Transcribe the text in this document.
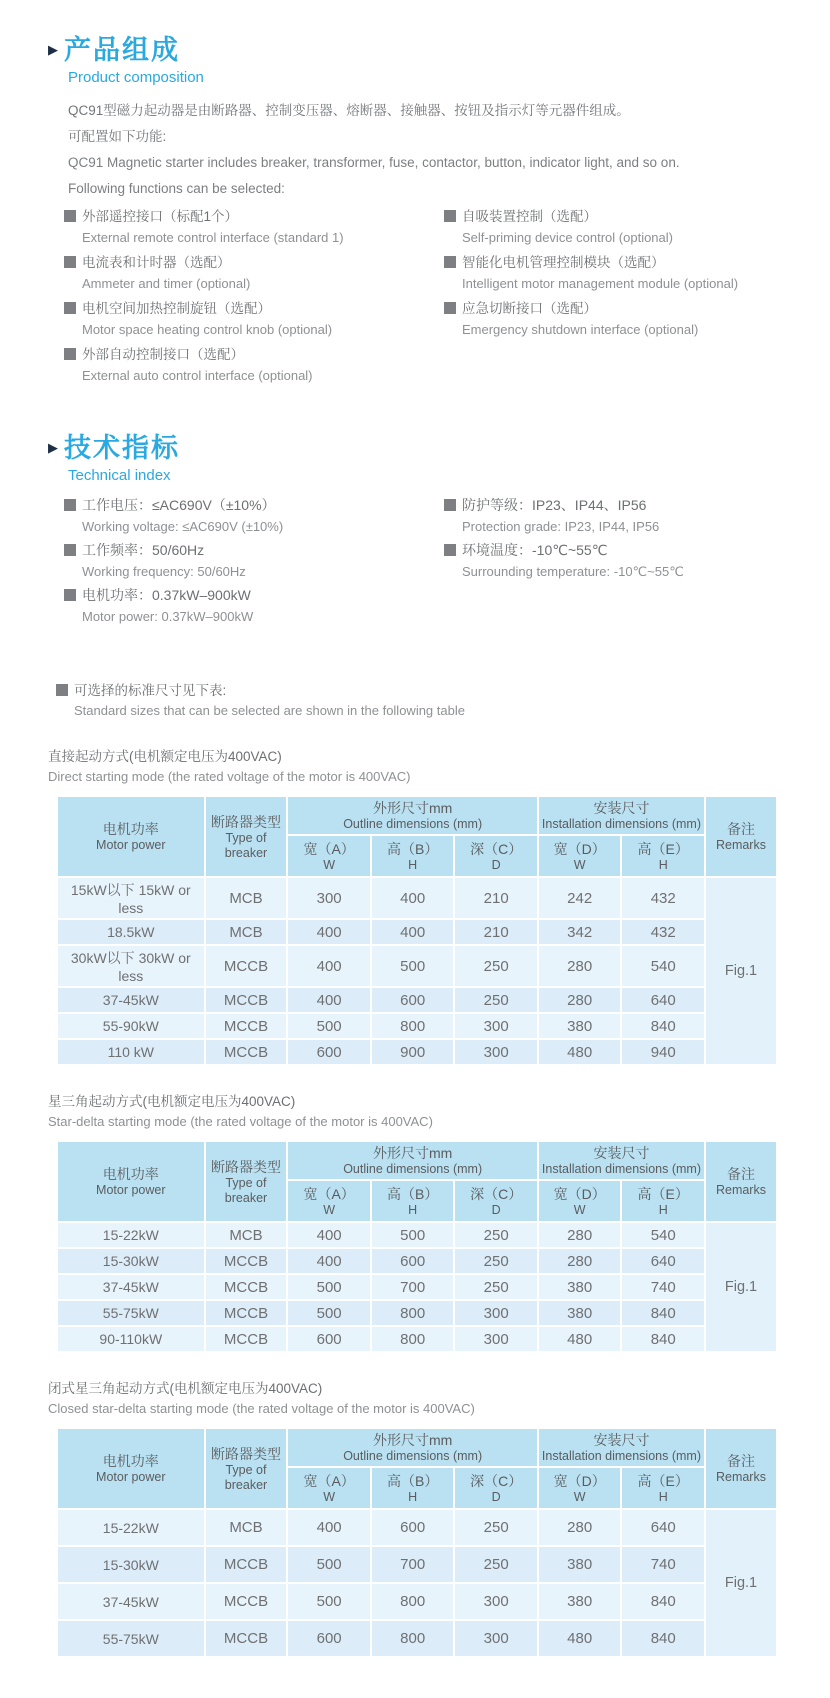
▶ 产品组成
Product composition

QC91型磁力起动器是由断路器、控制变压器、熔断器、接触器、按钮及指示灯等元器件组成。

可配置如下功能:

QC91 Magnetic starter includes breaker, transformer, fuse, contactor, button, indicator light, and so on.

Following functions can be selected:

外部遥控接口（标配1个）
External remote control interface (standard 1)
电流表和计时器（选配）
Ammeter and timer (optional)
电机空间加热控制旋钮（选配）
Motor space heating control knob (optional)
外部自动控制接口（选配）
External auto control interface (optional)
自吸装置控制（选配）
Self-priming device control (optional)
智能化电机管理控制模块（选配）
Intelligent motor management module (optional)
应急切断接口（选配）
Emergency shutdown interface (optional)
▶ 技术指标
Technical index
工作电压：≤AC690V（±10%）
Working voltage: ≤AC690V (±10%)
工作频率：50/60Hz
Working frequency: 50/60Hz
电机功率：0.37kW–900kW
Motor power: 0.37kW–900kW
防护等级：IP23、IP44、IP56
Protection grade: IP23, IP44, IP56
环境温度：-10℃~55℃
Surrounding temperature: -10℃~55℃
可选择的标准尺寸见下表:
Standard sizes that can be selected are shown in the following table
直接起动方式(电机额定电压为400VAC)
Direct starting mode (the rated voltage of the motor is 400VAC)
电机功率
Motor power	断路器类型
Type of breaker	外形尺寸mm
Outline dimensions (mm)			安装尺寸
Installation dimensions (mm)		备注
Remarks

		宽（A）
W	高（B）
H	深（C）
D	宽（D）
W	高（E）
H	

15kW以下 15kW or less	MCB	300	400	210	242	432	Fig.1
18.5kW	MCB	400	400	210	342	432	
30kW以下 30kW or less	MCCB	400	500	250	280	540	
37-45kW	MCCB	400	600	250	280	640	
55-90kW	MCCB	500	800	300	380	840	
110 kW	MCCB	600	900	300	480	940	
星三角起动方式(电机额定电压为400VAC)
Star-delta starting mode (the rated voltage of the motor is 400VAC)
电机功率
Motor power	断路器类型
Type of breaker	外形尺寸mm
Outline dimensions (mm)			安装尺寸
Installation dimensions (mm)		备注
Remarks

		宽（A）
W	高（B）
H	深（C）
D	宽（D）
W	高（E）
H	

15-22kW	MCB	400	500	250	280	540	Fig.1
15-30kW	MCCB	400	600	250	280	640	
37-45kW	MCCB	500	700	250	380	740	
55-75kW	MCCB	500	800	300	380	840	
90-110kW	MCCB	600	800	300	480	840	
闭式星三角起动方式(电机额定电压为400VAC)
Closed star-delta starting mode (the rated voltage of the motor is 400VAC)
电机功率
Motor power	断路器类型
Type of breaker	外形尺寸mm
Outline dimensions (mm)			安装尺寸
Installation dimensions (mm)		备注
Remarks

		宽（A）
W	高（B）
H	深（C）
D	宽（D）
W	高（E）
H	

15-22kW	MCB	400	600	250	280	640	Fig.1
15-30kW	MCCB	500	700	250	380	740	
37-45kW	MCCB	500	800	300	380	840	
55-75kW	MCCB	600	800	300	480	840	
